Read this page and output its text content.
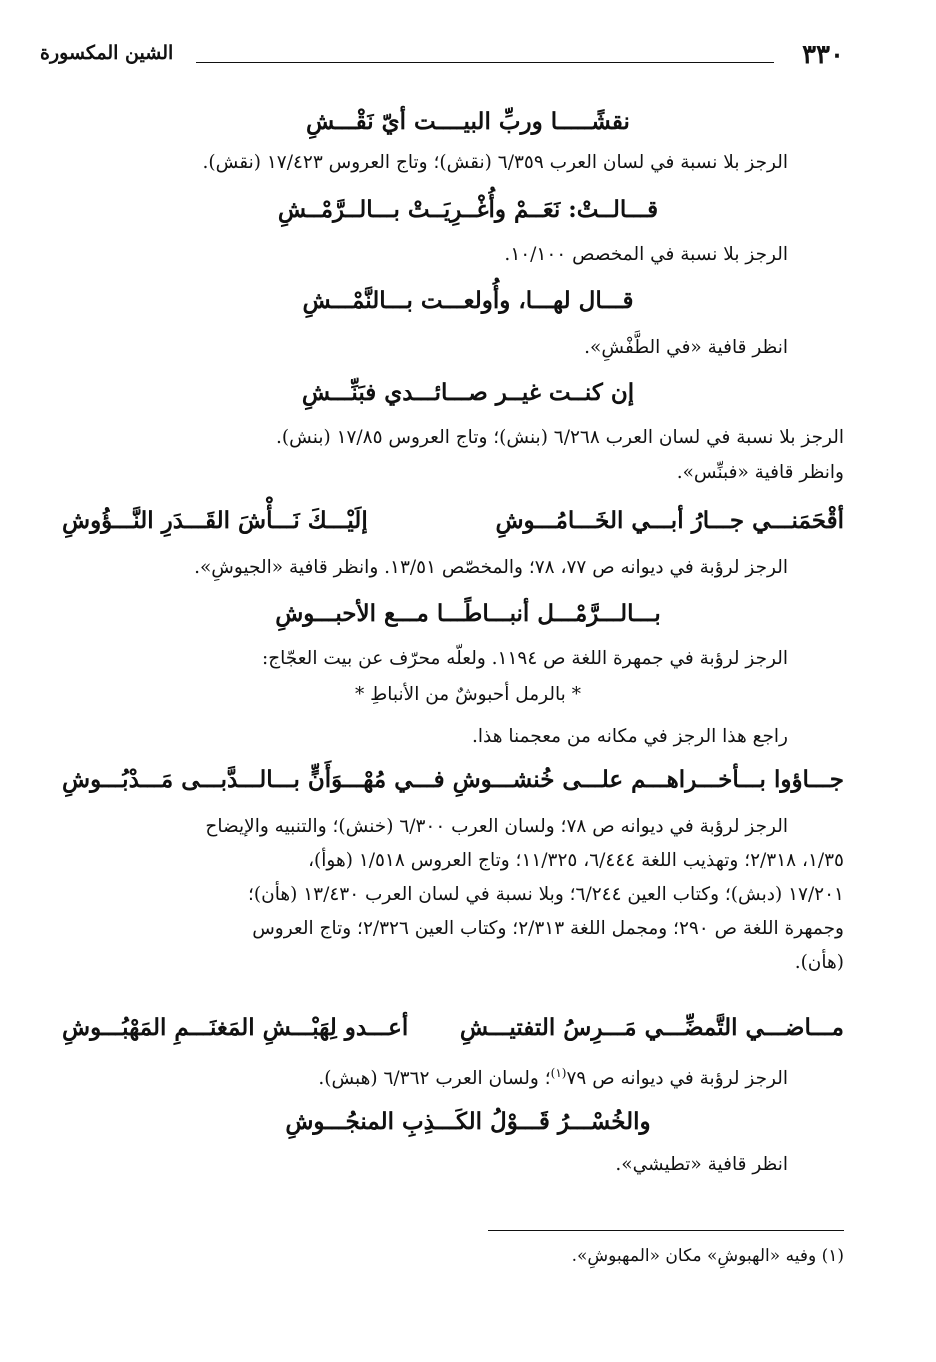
٣٣٠
الشين المكسورة
نقشًـــــا وربِّ البيــــت أيّ نَقْـــشِ
الرجز بلا نسبة في لسان العرب ٦/٣٥٩ (نقش)؛ وتاج العروس ١٧/٤٢٣ (نقش).
قـــالــتْ: نَعَــمْ وأُغْــرِيَــتْ بـــالــرَّمْــشِ
الرجز بلا نسبة في المخصص ١٠/١٠٠.
قـــال لهـــا، وأُولعـــت بـــالنَّمْـــشِ
انظر قافية «في الطَّفْشِ».
إن كنــت غيــر صـــائـــدي فبَنِّـــشِ
الرجز بلا نسبة في لسان العرب ٦/٢٦٨ (بنش)؛ وتاج العروس ١٧/٨٥ (بنش).
وانظر قافية «فبنِّس».
أقْحَمَنـــي جـــارُ أبـــي الخَـــامُـــوشِ
إلَيْـــكَ نَـــأْشَ القَـــدَرِ النَّـــؤُوشِ
الرجز لرؤبة في ديوانه ص ٧٧، ٧٨؛ والمخصّص ١٣/٥١. وانظر قافية «الجيوشِ».
بـــالـــرَّمْـــل أنبـــاطًـــا مـــع الأحبـــوشِ
الرجز لرؤبة في جمهرة اللغة ص ١١٩٤. ولعلّه محرّف عن بيت العجّاج:
* بالرمل أحبوشٌ من الأنباطِ *
راجع هذا الرجز في مكانه من معجمنا هذا.
جـــاؤوا بـــأخـــراهـــم علـــى خُنشـــوشِ
فـــي مُهْـــوَأَنٍّ بـــالـــدَّبـــى مَـــدْبُـــوشِ
الرجز لرؤبة في ديوانه ص ٧٨؛ ولسان العرب ٦/٣٠٠ (خنش)؛ والتنبيه والإيضاح
١/٣٥، ٢/٣١٨؛ وتهذيب اللغة ٦/٤٤٤، ١١/٣٢٥؛ وتاج العروس ١/٥١٨ (هوأ)،
١٧/٢٠١ (دبش)؛ وكتاب العين ٦/٢٤٤؛ وبلا نسبة في لسان العرب ١٣/٤٣٠ (هأن)؛
وجمهرة اللغة ص ٢٩٠؛ ومجمل اللغة ٢/٣١٣؛ وكتاب العين ٢/٣٢٦؛ وتاج العروس
(هأن).
مـــاضـــي التَّمضِّـــي مَـــرِسُ التفتيـــشِ
أعـــدو لِهَبْـــشِ المَغنَـــمِ المَهْبُـــوشِ
الرجز لرؤبة في ديوانه ص ٧٩$^{(١)}$؛ ولسان العرب ٦/٣٦٢ (هبش).
والخُسْـــرُ قَـــوْلُ الكَـــذِبِ المنجُـــوشِ
انظر قافية «تطيشي».
(١) وفيه «الهبوشِ» مكان «المهبوشِ».
